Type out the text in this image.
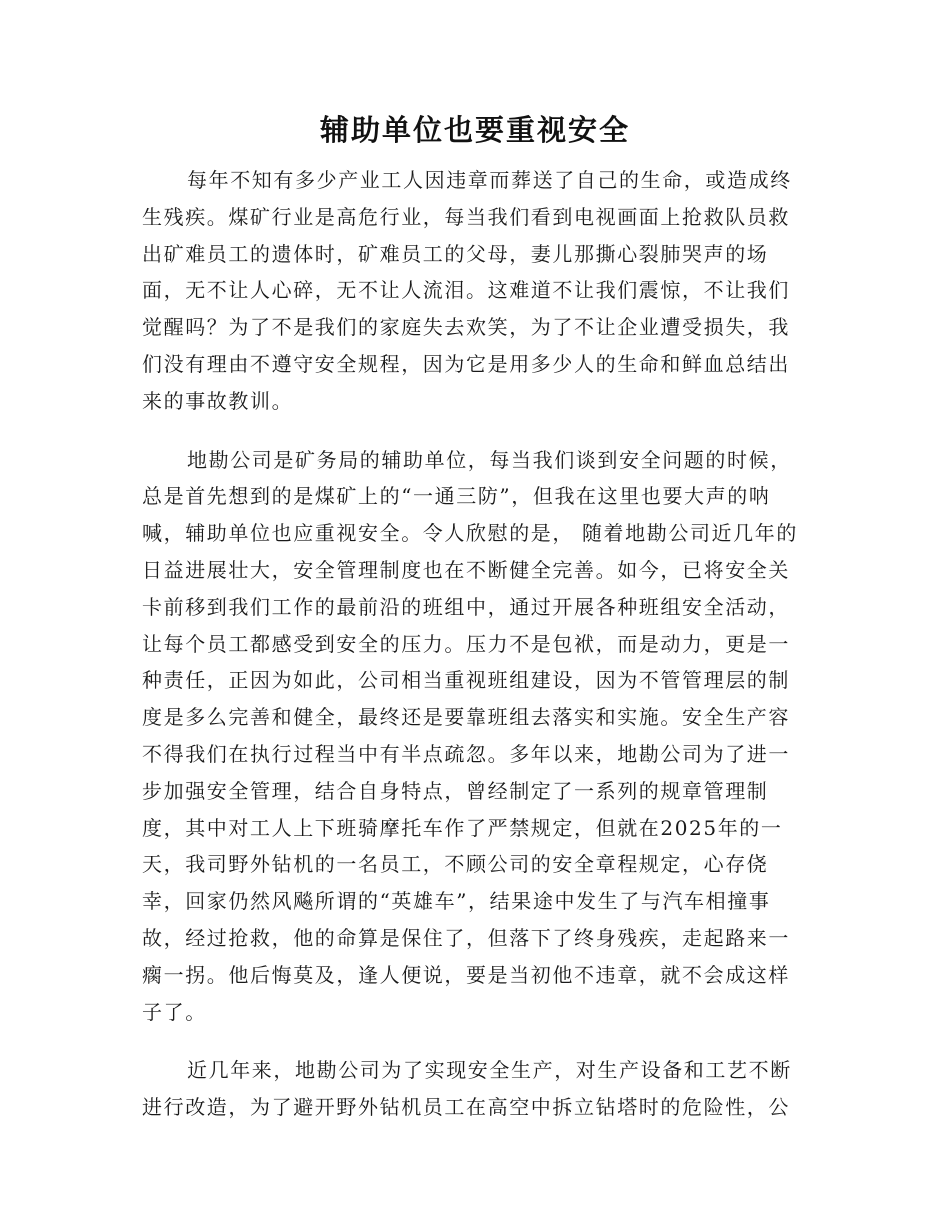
辅助单位也要重视安全
每年不知有多少产业工人因违章而葬送了自己的生命，或造成终
生残疾。煤矿行业是高危行业，每当我们看到电视画面上抢救队员救
出矿难员工的遗体时，矿难员工的父母，妻儿那撕心裂肺哭声的场
面，无不让人心碎，无不让人流泪。这难道不让我们震惊，不让我们
觉醒吗？为了不是我们的家庭失去欢笑，为了不让企业遭受损失，我
们没有理由不遵守安全规程，因为它是用多少人的生命和鲜血总结出
来的事故教训。
地勘公司是矿务局的辅助单位，每当我们谈到安全问题的时候，
总是首先想到的是煤矿上的“一通三防”，但我在这里也要大声的呐
喊，辅助单位也应重视安全。令人欣慰的是， 随着地勘公司近几年的
日益进展壮大，安全管理制度也在不断健全完善。如今，已将安全关
卡前移到我们工作的最前沿的班组中，通过开展各种班组安全活动，
让每个员工都感受到安全的压力。压力不是包袱，而是动力，更是一
种责任，正因为如此，公司相当重视班组建设，因为不管管理层的制
度是多么完善和健全，最终还是要靠班组去落实和实施。安全生产容
不得我们在执行过程当中有半点疏忽。多年以来，地勘公司为了进一
步加强安全管理，结合自身特点，曾经制定了一系列的规章管理制
度，其中对工人上下班骑摩托车作了严禁规定，但就在2025年的一
天，我司野外钻机的一名员工，不顾公司的安全章程规定，心存侥
幸，回家仍然风飚所谓的“英雄车”，结果途中发生了与汽车相撞事
故，经过抢救，他的命算是保住了，但落下了终身残疾，走起路来一
瘸一拐。他后悔莫及，逢人便说，要是当初他不违章，就不会成这样
子了。
近几年来，地勘公司为了实现安全生产，对生产设备和工艺不断
进行改造，为了避开野外钻机员工在高空中拆立钻塔时的危险性，公
